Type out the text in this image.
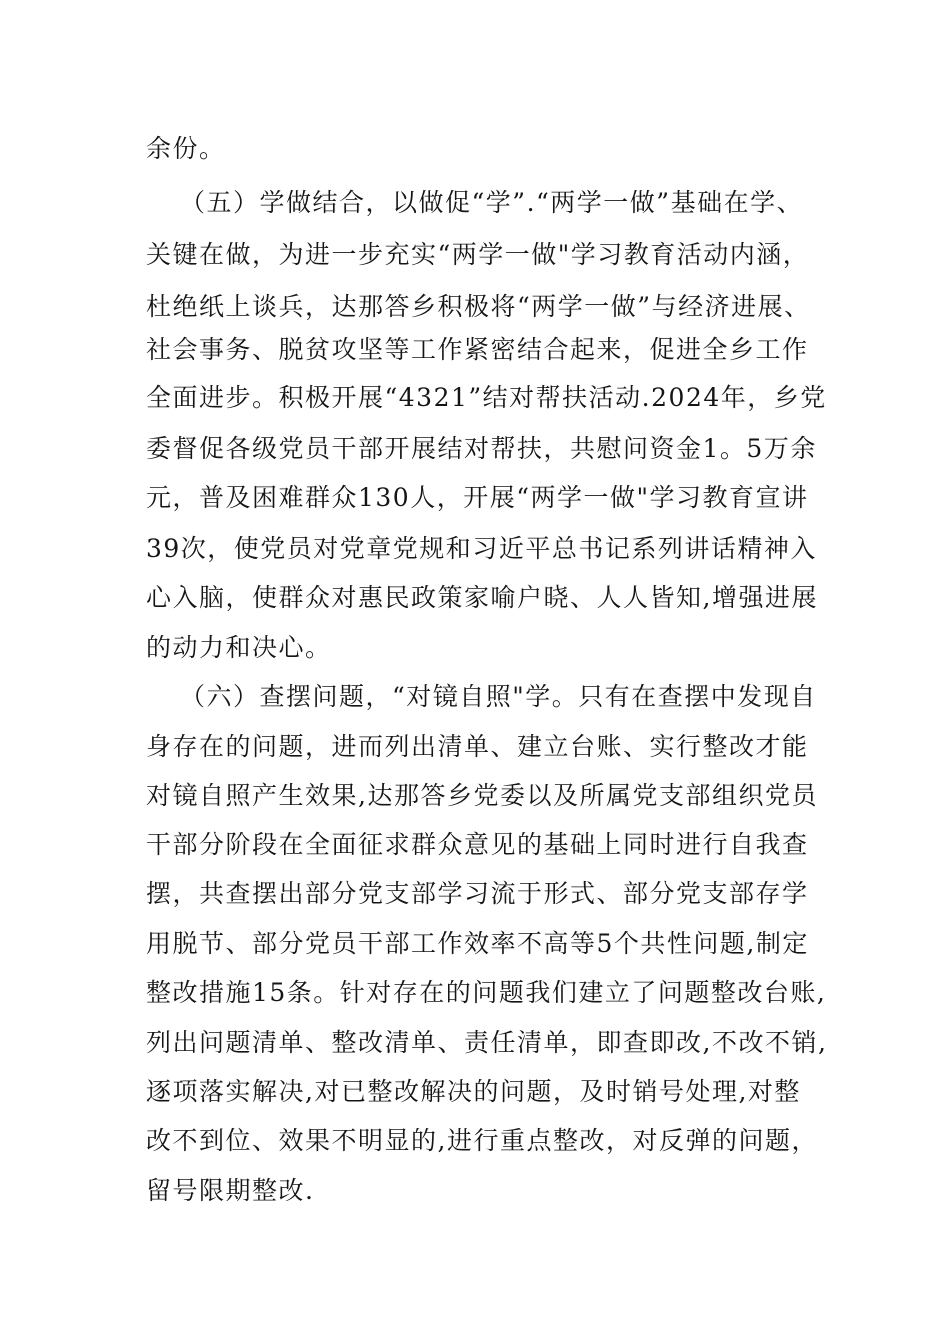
余份。
（五）学做结合，以做促“学”.“两学一做”基础在学、
关键在做，为进一步充实“两学一做"学习教育活动内涵，
杜绝纸上谈兵，达那答乡积极将“两学一做”与经济进展、
社会事务、脱贫攻坚等工作紧密结合起来，促进全乡工作
全面进步。积极开展“4321”结对帮扶活动.2024年，乡党
委督促各级党员干部开展结对帮扶，共慰问资金1。5万余
元，普及困难群众130人，开展“两学一做"学习教育宣讲
39次，使党员对党章党规和习近平总书记系列讲话精神入
心入脑，使群众对惠民政策家喻户晓、人人皆知,增强进展
的动力和决心。
（六）查摆问题，“对镜自照"学。只有在查摆中发现自
身存在的问题，进而列出清单、建立台账、实行整改才能
对镜自照产生效果,达那答乡党委以及所属党支部组织党员
干部分阶段在全面征求群众意见的基础上同时进行自我查
摆，共查摆出部分党支部学习流于形式、部分党支部存学
用脱节、部分党员干部工作效率不高等5个共性问题,制定
整改措施15条。针对存在的问题我们建立了问题整改台账,
列出问题清单、整改清单、责任清单，即查即改,不改不销,
逐项落实解决,对已整改解决的问题，及时销号处理,对整
改不到位、效果不明显的,进行重点整改，对反弹的问题，
留号限期整改.
